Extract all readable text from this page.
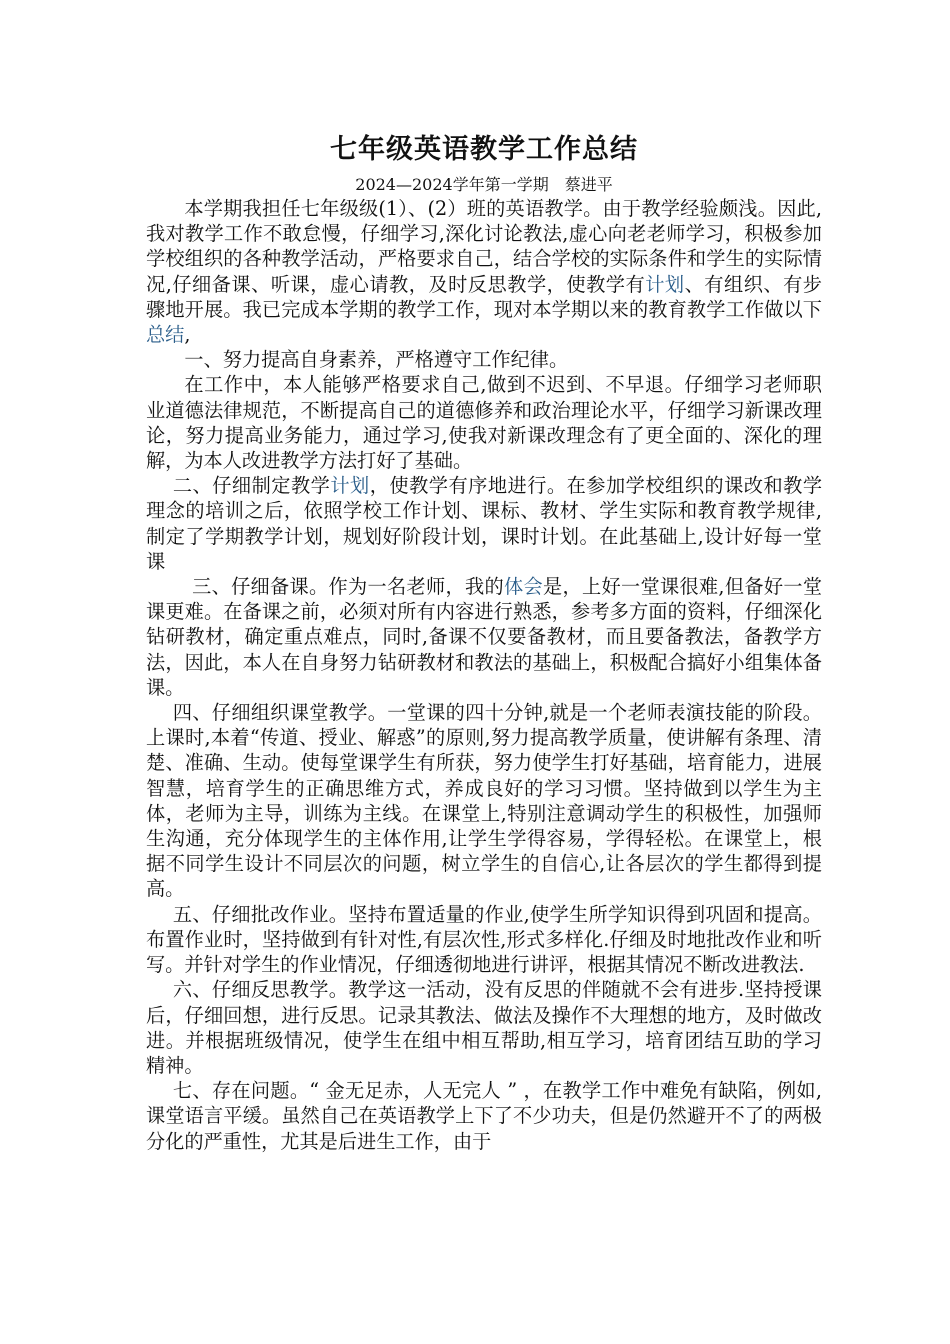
七年级英语教学工作总结

2024—2024学年第一学期　蔡进平

本学期我担任七年级级(1）、(2）班的英语教学。由于教学经验颇浅。因此,我对教学工作不敢怠慢，仔细学习,深化讨论教法,虚心向老老师学习，积极参加学校组织的各种教学活动，严格要求自己，结合学校的实际条件和学生的实际情况,仔细备课、听课，虚心请教，及时反思教学，使教学有计划、有组织、有步骤地开展。我已完成本学期的教学工作，现对本学期以来的教育教学工作做以下总结,

一、努力提高自身素养，严格遵守工作纪律。

在工作中，本人能够严格要求自己,做到不迟到、不早退。仔细学习老师职业道德法律规范，不断提高自己的道德修养和政治理论水平，仔细学习新课改理论，努力提高业务能力，通过学习,使我对新课改理念有了更全面的、深化的理解，为本人改进教学方法打好了基础。

二、仔细制定教学计划，使教学有序地进行。在参加学校组织的课改和教学理念的培训之后，依照学校工作计划、课标、教材、学生实际和教育教学规律,制定了学期教学计划，规划好阶段计划，课时计划。在此基础上,设计好每一堂课

三、仔细备课。作为一名老师，我的体会是，上好一堂课很难,但备好一堂课更难。在备课之前，必须对所有内容进行熟悉，参考多方面的资料，仔细深化钻研教材，确定重点难点，同时,备课不仅要备教材，而且要备教法，备教学方法，因此，本人在自身努力钻研教材和教法的基础上，积极配合搞好小组集体备课。

四、仔细组织课堂教学。一堂课的四十分钟,就是一个老师表演技能的阶段。上课时,本着“传道、授业、解惑”的原则,努力提高教学质量，使讲解有条理、清楚、准确、生动。使每堂课学生有所获，努力使学生打好基础，培育能力，进展智慧，培育学生的正确思维方式，养成良好的学习习惯。坚持做到以学生为主体，老师为主导，训练为主线。在课堂上,特别注意调动学生的积极性，加强师生沟通，充分体现学生的主体作用,让学生学得容易，学得轻松。在课堂上，根据不同学生设计不同层次的问题，树立学生的自信心,让各层次的学生都得到提高。

五、仔细批改作业。坚持布置适量的作业,使学生所学知识得到巩固和提高。布置作业时，坚持做到有针对性,有层次性,形式多样化.仔细及时地批改作业和听写。并针对学生的作业情况，仔细透彻地进行讲评，根据其情况不断改进教法.

六、仔细反思教学。教学这一活动，没有反思的伴随就不会有进步.坚持授课后，仔细回想，进行反思。记录其教法、做法及操作不大理想的地方，及时做改进。并根据班级情况，使学生在组中相互帮助,相互学习，培育团结互助的学习精神。

七、存在问题。“ 金无足赤，人无完人 ” ，在教学工作中难免有缺陷，例如,课堂语言平缓。虽然自己在英语教学上下了不少功夫，但是仍然避开不了的两极分化的严重性，尤其是后进生工作，由于
